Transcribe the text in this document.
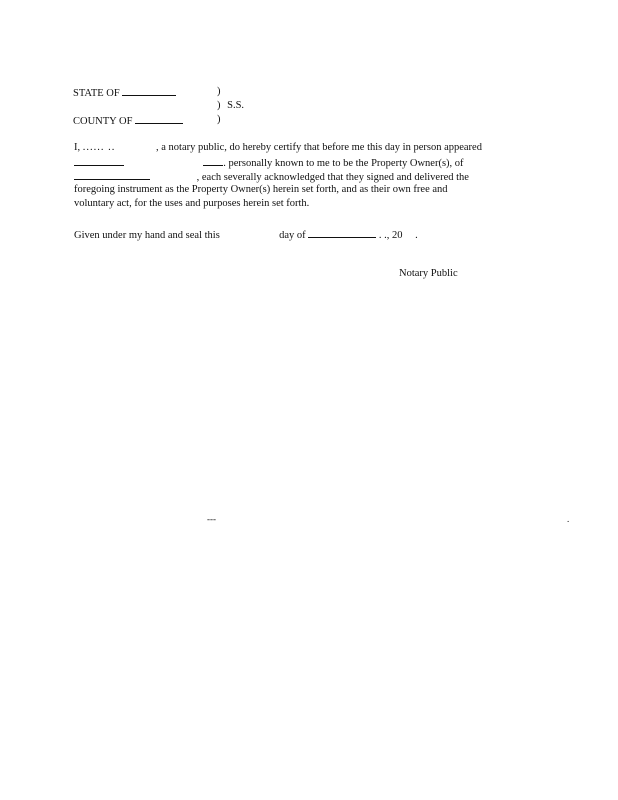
STATE OF	)
) S.S.
COUNTY OF	)
I, ...... ..	, a notary public, do hereby certify that before me this day in person appeared
. personally known to me to be the Property Owner(s), of
, each severally acknowledged that they signed and delivered the
foregoing instrument as the Property Owner(s) herein set forth, and as their own free and
voluntary act, for the uses and purposes herein set forth.
Given under my hand and seal this	day of	. ., 20 .
Notary Public
---	.
